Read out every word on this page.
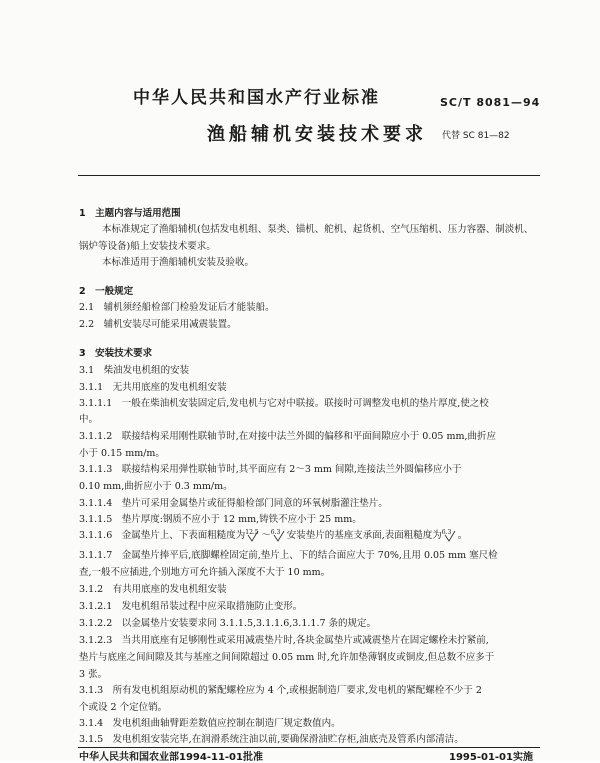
中华人民共和国水产行业标准	SC/T 8081—94
渔船辅机安装技术要求 代替 SC 81—82
1　主题内容与适用范围
本标准规定了渔船辅机(包括发电机组、泵类、锚机、舵机、起货机、空气压缩机、压力容器、制淡机、
锅炉等设备)船上安装技术要求。
本标准适用于渔船辅机安装及验收。
2　一般规定
2.1　辅机须经船检部门检验发证后才能装船。
2.2　辅机安装尽可能采用减震装置。
3　安装技术要求
3.1　柴油发电机组的安装
3.1.1　无共用底座的发电机组安装
3.1.1.1　一般在柴油机安装固定后,发电机与它对中联接。联接时可调整发电机的垫片厚度,使之校
中。
3.1.1.2　联接结构采用刚性联轴节时,在对接中法兰外圆的偏移和平面间隙应小于 0.05 mm,曲折应
小于 0.15 mm/m。
3.1.1.3　联接结构采用弹性联轴节时,其平面应有 2～3 mm 间隙,连接法兰外圆偏移应小于
0.10 mm,曲折应小于 0.3 mm/m。
3.1.1.4　垫片可采用金属垫片或征得船检部门同意的环氧树脂灌注垫片。
3.1.1.5　垫片厚度:钢质不应小于 12 mm,铸铁不应小于 25 mm。
3.1.1.6　金属垫片上、下表面粗糙度为 12.5 ～ 6.3 安装垫片的基座支承面,表面粗糙度为 6.3 。
3.1.1.7　金属垫片捧平后,底脚螺栓固定前,垫片上、下的结合面应大于 70%,且用 0.05 mm 塞尺检
查,一般不应插进,个别地方可允许插入深度不大于 10 mm。
3.1.2　有共用底座的发电机组安装
3.1.2.1　发电机组吊装过程中应采取措施防止变形。
3.1.2.2　以金属垫片安装要求同 3.1.1.5,3.1.1.6,3.1.1.7 条的规定。
3.1.2.3　当共用底座有足够刚性或采用减震垫片时,各块金属垫片或减震垫片在固定螺栓未拧紧前,
垫片与底座之间间隙及其与基座之间间隙超过 0.05 mm 时,允许加垫薄钢皮或铜皮,但总数不应多于
3 张。
3.1.3　所有发电机组原动机的紧配螺栓应为 4 个,或根据制造厂要求,发电机的紧配螺栓不少于 2
个或设 2 个定位销。
3.1.4　发电机组曲轴臂距差数值应控制在制造厂规定数值内。
3.1.5　发电机组安装完毕,在润滑系统注油以前,要确保滑油贮存柜,油底壳及管系内部清洁。
中华人民共和国农业部1994-11-01批准	1995-01-01实施
